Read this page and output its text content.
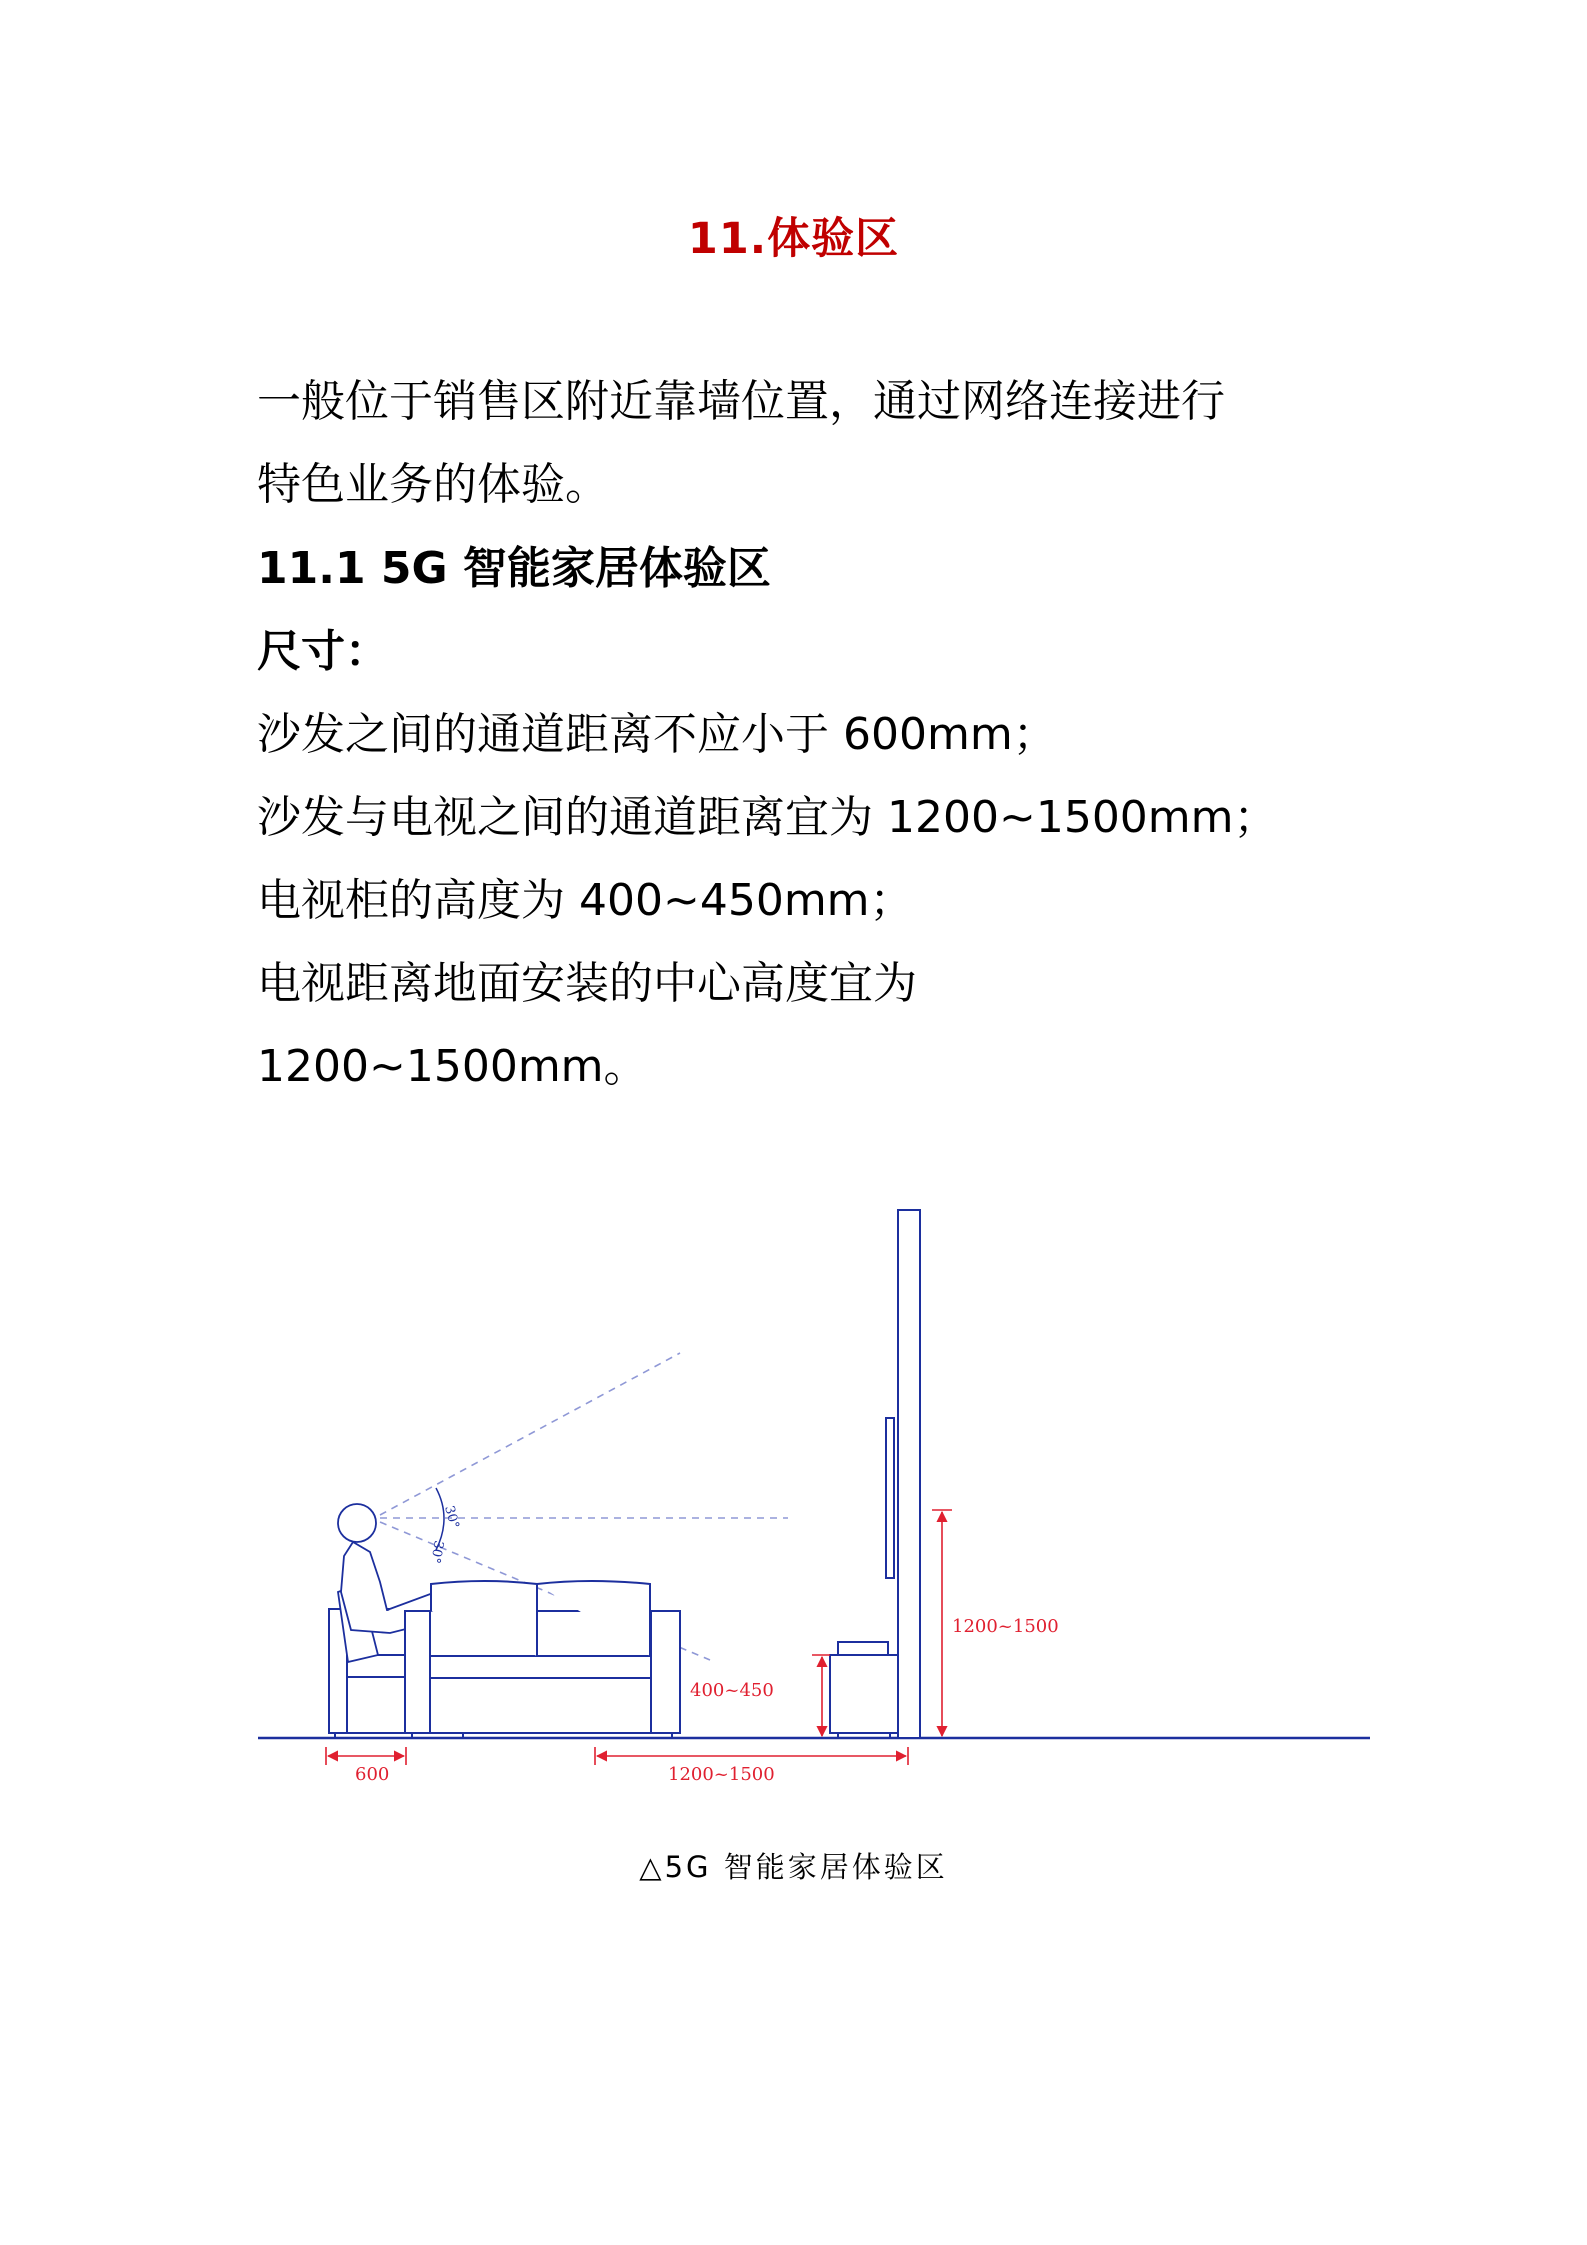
11.体验区
一般位于销售区附近靠墙位置，通过网络连接进行
特色业务的体验。
11.1 5G 智能家居体验区
尺寸：
沙发之间的通道距离不应小于 600mm；
沙发与电视之间的通道距离宜为 1200~1500mm；
电视柜的高度为 400~450mm；
电视距离地面安装的中心高度宜为
1200~1500mm。
30°
30°
1200~1500
400~450
600	1200~1500
△5G 智能家居体验区
